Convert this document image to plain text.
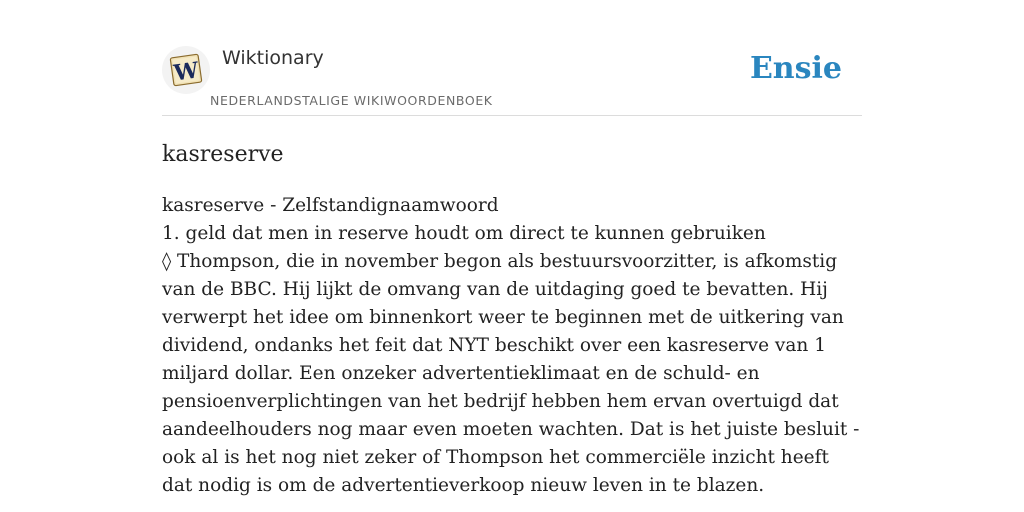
W Wiktionary
NEDERLANDSTALIGE WIKIWOORDENBOEK
Ensie
kasreserve

kasreserve - Zelfstandignaamwoord

1. geld dat men in reserve houdt om direct te kunnen gebruiken

◊ Thompson, die in november begon als bestuursvoorzitter, is afkomstig van de BBC. Hij lijkt de omvang van de uitdaging goed te bevatten. Hij verwerpt het idee om binnenkort weer te beginnen met de uitkering van dividend, ondanks het feit dat NYT beschikt over een kasreserve van 1 miljard dollar. Een onzeker advertentieklimaat en de schuld- en pensioenverplichtingen van het bedrijf hebben hem ervan overtuigd dat aandeelhouders nog maar even moeten wachten. Dat is het juiste besluit - ook al is het nog niet zeker of Thompson het commerciële inzicht heeft dat nodig is om de advertentieverkoop nieuw leven in te blazen.
